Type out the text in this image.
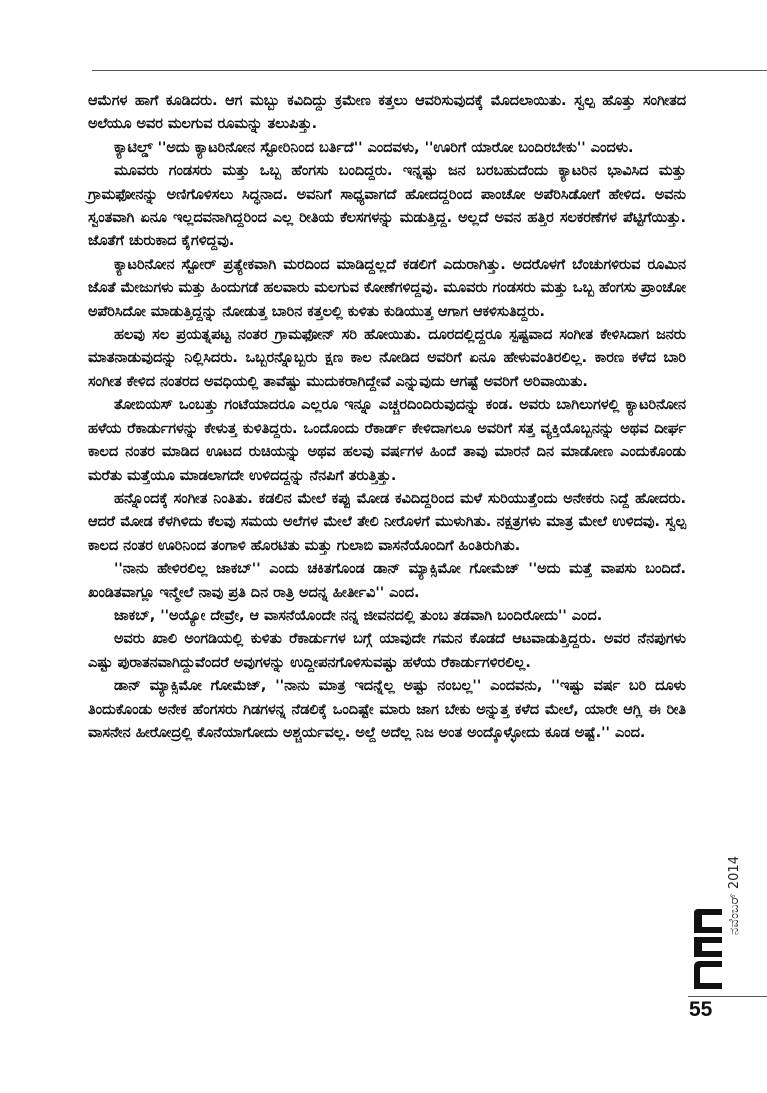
ಆಮೆಗಳ ಹಾಗೆ ಕೂಡಿದರು. ಆಗ ಮಬ್ಬು ಕವಿದಿದ್ದು ಕ್ರಮೇಣ ಕತ್ತಲು ಆವರಿಸುವುದಕ್ಕೆ ಮೊದಲಾಯಿತು. ಸ್ವಲ್ಪ ಹೊತ್ತು ಸಂಗೀತದ ಅಲೆಯೂ ಅವರ ಮಲಗುವ ರೂಮನ್ನು ತಲುಪಿತ್ತು.

ಕ್ಯಾಟಿಲ್ಡ್ ''ಅದು ಕ್ಯಾಟರಿನೋನ ಸ್ಟೋರಿನಿಂದ ಬರ್ತಿದೆ'' ಎಂದವಳು, ''ಊರಿಗೆ ಯಾರೋ ಬಂದಿರಬೇಕು'' ಎಂದಳು.

ಮೂವರು ಗಂಡಸರು ಮತ್ತು ಒಬ್ಬ ಹೆಂಗಸು ಬಂದಿದ್ದರು. ಇನ್ನಷ್ಟು ಜನ ಬರಬಹುದೆಂದು ಕ್ಯಾಟರಿನ ಭಾವಿಸಿದ ಮತ್ತು ಗ್ರಾಮಫೋನನ್ನು ಅಣಿಗೊಳಿಸಲು ಸಿದ್ಧನಾದ. ಅವನಿಗೆ ಸಾಧ್ಯವಾಗದೆ ಹೋದದ್ದರಿಂದ ಪಾಂಚೋ ಅಪೆರಿಸಿಡೋಗೆ ಹೇಳಿದ. ಅವನು ಸ್ವಂತವಾಗಿ ಏನೂ ಇಲ್ಲದವನಾಗಿದ್ದರಿಂದ ಎಲ್ಲ ರೀತಿಯ ಕೆಲಸಗಳನ್ನು ಮಡುತ್ತಿದ್ದ. ಅಲ್ಲದೆ ಅವನ ಹತ್ತಿರ ಸಲಕರಣೆಗಳ ಪೆಟ್ಟಿಗೆಯಿತ್ತು. ಜೊತೆಗೆ ಚುರುಕಾದ ಕೈಗಳಿದ್ದವು.

ಕ್ಯಾಟರಿನೋನ ಸ್ಟೋರ್ ಪ್ರತ್ಯೇಕವಾಗಿ ಮರದಿಂದ ಮಾಡಿದ್ದಲ್ಲದೆ ಕಡಲಿಗೆ ಎದುರಾಗಿತ್ತು. ಅದರೊಳಗೆ ಬೆಂಚುಗಳಿರುವ ರೂಮಿನ ಜೊತೆ ಮೇಜುಗಳು ಮತ್ತು ಹಿಂದುಗಡೆ ಹಲವಾರು ಮಲಗುವ ಕೋಣೆಗಳಿದ್ದವು. ಮೂವರು ಗಂಡಸರು ಮತ್ತು ಒಬ್ಬ ಹೆಂಗಸು ಪ್ರಾಂಚೋ ಅಪೆರಿಸಿದೋ ಮಾಡುತ್ತಿದ್ದನ್ನು ನೋಡುತ್ತ ಬಾರಿನ ಕತ್ತಲಲ್ಲಿ ಕುಳಿತು ಕುಡಿಯುತ್ತ ಆಗಾಗ ಆಕಳಿಸುತಿದ್ದರು.

ಹಲವು ಸಲ ಪ್ರಯತ್ನಪಟ್ಟ ನಂತರ ಗ್ರಾಮಫೋನ್ ಸರಿ ಹೋಯಿತು. ದೂರದಲ್ಲಿದ್ದರೂ ಸ್ಪಷ್ಟವಾದ ಸಂಗೀತ ಕೇಳಿಸಿದಾಗ ಜನರು ಮಾತನಾಡುವುದನ್ನು ನಿಲ್ಲಿಸಿದರು. ಒಬ್ಬರನ್ನೊಬ್ಬರು ಕ್ಷಣ ಕಾಲ ನೋಡಿದ ಅವರಿಗೆ ಏನೂ ಹೇಳುವಂತಿರಲಿಲ್ಲ. ಕಾರಣ ಕಳೆದ ಬಾರಿ ಸಂಗೀತ ಕೇಳಿದ ನಂತರದ ಅವಧಿಯಲ್ಲಿ ತಾವೆಷ್ಟು ಮುದುಕರಾಗಿದ್ದೇವೆ ಎನ್ನುವುದು ಆಗಷ್ಟೆ ಅವರಿಗೆ ಅರಿವಾಯಿತು.

ತೋಬಿಯಸ್ ಒಂಬತ್ತು ಗಂಟೆಯಾದರೂ ಎಲ್ಲರೂ ಇನ್ನೂ ಎಚ್ಚರದಿಂದಿರುವುದನ್ನು ಕಂಡ. ಅವರು ಬಾಗಿಲುಗಳಲ್ಲಿ ಕ್ಯಾಟರಿನೋನ ಹಳೆಯ ರೆಕಾರ್ಡುಗಳನ್ನು ಕೇಳುತ್ತ ಕುಳಿತಿದ್ದರು. ಒಂದೊಂದು ರೆಕಾರ್ಡ್ ಕೇಳಿದಾಗಲೂ ಅವರಿಗೆ ಸತ್ತ ವ್ಯಕ್ತಿಯೊಬ್ಬನನ್ನು ಅಥವ ದೀರ್ಘ ಕಾಲದ ನಂತರ ಮಾಡಿದ ಊಟದ ರುಚಿಯನ್ನು ಅಥವ ಹಲವು ವರ್ಷಗಳ ಹಿಂದೆ ತಾವು ಮಾರನೆ ದಿನ ಮಾಡೋಣ ಎಂದುಕೊಂಡು ಮರೆತು ಮತ್ತೆಯೂ ಮಾಡಲಾಗದೇ ಉಳಿದದ್ದನ್ನು ನೆನಪಿಗೆ ತರುತ್ತಿತ್ತು.

ಹನ್ನೊಂದಕ್ಕೆ ಸಂಗೀತ ನಿಂತಿತು. ಕಡಲಿನ ಮೇಲೆ ಕಪ್ಪು ಮೋಡ ಕವಿದಿದ್ದರಿಂದ ಮಳೆ ಸುರಿಯುತ್ತೆಂದು ಅನೇಕರು ನಿದ್ದೆ ಹೋದರು. ಆದರೆ ಮೋಡ ಕೆಳಗಿಳಿದು ಕೆಲವು ಸಮಯ ಅಲೆಗಳ ಮೇಲೆ ತೇಲಿ ನೀರೊಳಗೆ ಮುಳುಗಿತು. ನಕ್ಷತ್ರಗಳು ಮಾತ್ರ ಮೇಲೆ ಉಳಿದವು. ಸ್ವಲ್ಪ ಕಾಲದ ನಂತರ ಊರಿನಿಂದ ತಂಗಾಳಿ ಹೊರಟಿತು ಮತ್ತು ಗುಲಾಬಿ ವಾಸನೆಯೊಂದಿಗೆ ಹಿಂತಿರುಗಿತು.

''ನಾನು ಹೇಳಿರಲಿಲ್ಲ ಜಾಕಬ್'' ಎಂದು ಚಕಿತಗೊಂಡ ಡಾನ್ ಮ್ಯಾಕ್ಸಿಮೋ ಗೋಮೆಜ್ ''ಅದು ಮತ್ತೆ ವಾಪಸು ಬಂದಿದೆ. ಖಂಡಿತವಾಗ್ಲೂ ಇನ್ಮೇಲೆ ನಾವು ಪ್ರತಿ ದಿನ ರಾತ್ರಿ ಅದನ್ನ ಹೀರ್ತೀವಿ'' ಎಂದ.

ಜಾಕಬ್, ''ಅಯ್ಯೋ ದೇವ್ರೇ, ಆ ವಾಸನೆಯೊಂದೇ ನನ್ನ ಜೀವನದಲ್ಲಿ ತುಂಬ ತಡವಾಗಿ ಬಂದಿರೋದು'' ಎಂದ.

ಅವರು ಖಾಲಿ ಅಂಗಡಿಯಲ್ಲಿ ಕುಳಿತು ರೆಕಾರ್ಡುಗಳ ಬಗ್ಗೆ ಯಾವುದೇ ಗಮನ ಕೊಡದೆ ಆಟವಾಡುತ್ತಿದ್ದರು. ಅವರ ನೆನಪುಗಳು ಎಷ್ಟು ಪುರಾತನವಾಗಿದ್ದುವೆಂದರೆ ಅವುಗಳನ್ನು ಉದ್ದೀಪನಗೊಳಿಸುವಷ್ಟು ಹಳೆಯ ರೆಕಾರ್ಡುಗಳಿರಲಿಲ್ಲ.

ಡಾನ್ ಮ್ಯಾಕ್ಸಿಮೋ ಗೋಮೆಜ್, ''ನಾನು ಮಾತ್ರ ಇದನ್ನೆಲ್ಲ ಅಷ್ಟು ನಂಬಲ್ಲ'' ಎಂದವನು, ''ಇಷ್ಟು ವರ್ಷ ಬರಿ ದೂಳು ತಿಂದುಕೊಂಡು ಅನೇಕ ಹೆಂಗಸರು ಗಿಡಗಳನ್ನ ನೆಡಲಿಕ್ಕೆ ಒಂದಿಷ್ಟೇ ಮಾರು ಜಾಗ ಬೇಕು ಅನ್ನುತ್ತ ಕಳೆದ ಮೇಲೆ, ಯಾರೇ ಆಗ್ಲಿ ಈ ರೀತಿ ವಾಸನೇನ ಹೀರೋದ್ರಲ್ಲಿ ಕೊನೆಯಾಗೋದು ಅಶ್ಚರ್ಯವಲ್ಲ. ಅಲ್ದೆ ಅದೆಲ್ಲ ನಿಜ ಅಂತ ಅಂದ್ಕೊಳ್ಳೋದು ಕೂಡ ಅಷ್ಟೆ.'' ಎಂದ.

ನವೆಂಬರ್ 2014
55
